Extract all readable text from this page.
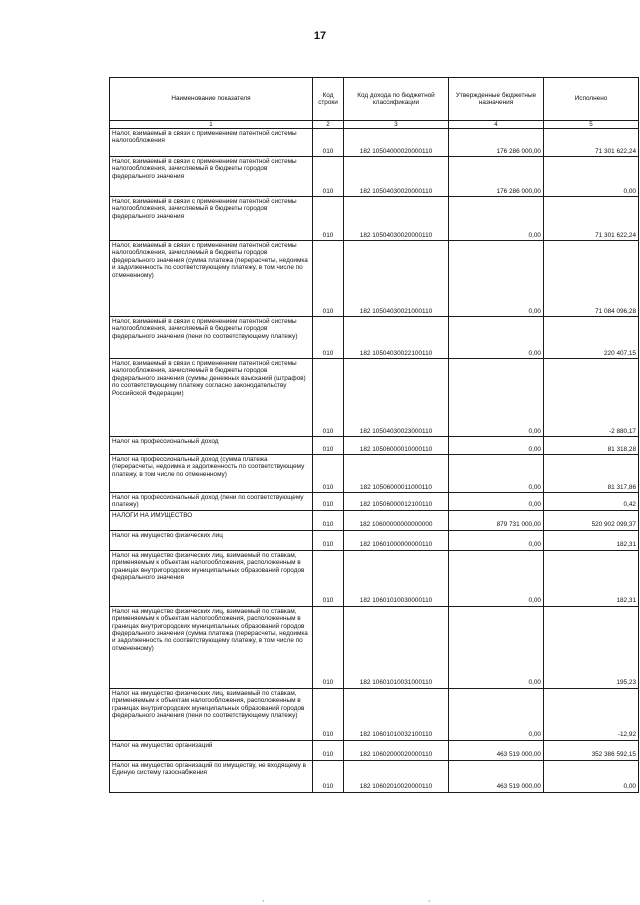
17
Наименование показателя	Код строки	Код дохода по бюджетной классификации	Утвержденные бюджетные назначения	Исполнено
1	2	3	4	5
Налог, взимаемый в связи с применением патентной системы налогообложения	010	182 10504000020000110	176 286 000,00	71 301 622,24
Налог, взимаемый в связи с применением патентной системы налогообложения, зачисляемый в бюджеты городов федерального значения	010	182 10504030020000110	176 286 000,00	0,00
Налог, взимаемый в связи с применением патентной системы налогообложения, зачисляемый в бюджеты городов федерального значения	010	182 10504030020000110	0,00	71 301 622,24
Налог, взимаемый в связи с применением патентной системы налогообложения, зачисляемый в бюджеты городов федерального значения (сумма платежа (перерасчеты, недоимка и задолженность по соответствующему платежу, в том числе по отмененному)	010	182 10504030021000110	0,00	71 084 096,28
Налог, взимаемый в связи с применением патентной системы налогообложения, зачисляемый в бюджеты городов федерального значения (пени по соответствующему платежу)	010	182 10504030022100110	0,00	220 407,15
Налог, взимаемый в связи с применением патентной системы налогообложения, зачисляемый в бюджеты городов федерального значения (суммы денежных взысканий (штрафов) по соответствующему платежу согласно законодательству Российской Федерации)	010	182 10504030023000110	0,00	-2 880,17
Налог на профессиональный доход	010	182 10506000010000110	0,00	81 318,28
Налог на профессиональный доход (сумма платежа (перерасчеты, недоимка и задолженность по соответствующему платежу, в том числе по отмененному)	010	182 10506000011000110	0,00	81 317,86
Налог на профессиональный доход (пени по соответствующему платежу)	010	182 10506000012100110	0,00	0,42
НАЛОГИ НА ИМУЩЕСТВО	010	182 10600000000000000	879 731 000,00	520 902 099,37
Налог на имущество физических лиц	010	182 10601000000000110	0,00	182,31
Налог на имущество физических лиц, взимаемый по ставкам, применяемым к объектам налогообложения, расположенным в границах внутригородских муниципальных образований городов федерального значения	010	182 10601010030000110	0,00	182,31
Налог на имущество физических лиц, взимаемый по ставкам, применяемым к объектам налогообложения, расположенным в границах внутригородских муниципальных образований городов федерального значения (сумма платежа (перерасчеты, недоимка и задолженность по соответствующему платежу, в том числе по отмененному)	010	182 10601010031000110	0,00	195,23
Налог на имущество физических лиц, взимаемый по ставкам, применяемым к объектам налогообложения, расположенным в границах внутригородских муниципальных образований городов федерального значения (пени по соответствующему платежу)	010	182 10601010032100110	0,00	-12,92
Налог на имущество организаций	010	182 10602000020000110	463 519 000,00	352 386 592,15
Налог на имущество организаций по имуществу, не входящему в Единую систему газоснабжения	010	182 10602010020000110	463 519 000,00	0,00
,	,
